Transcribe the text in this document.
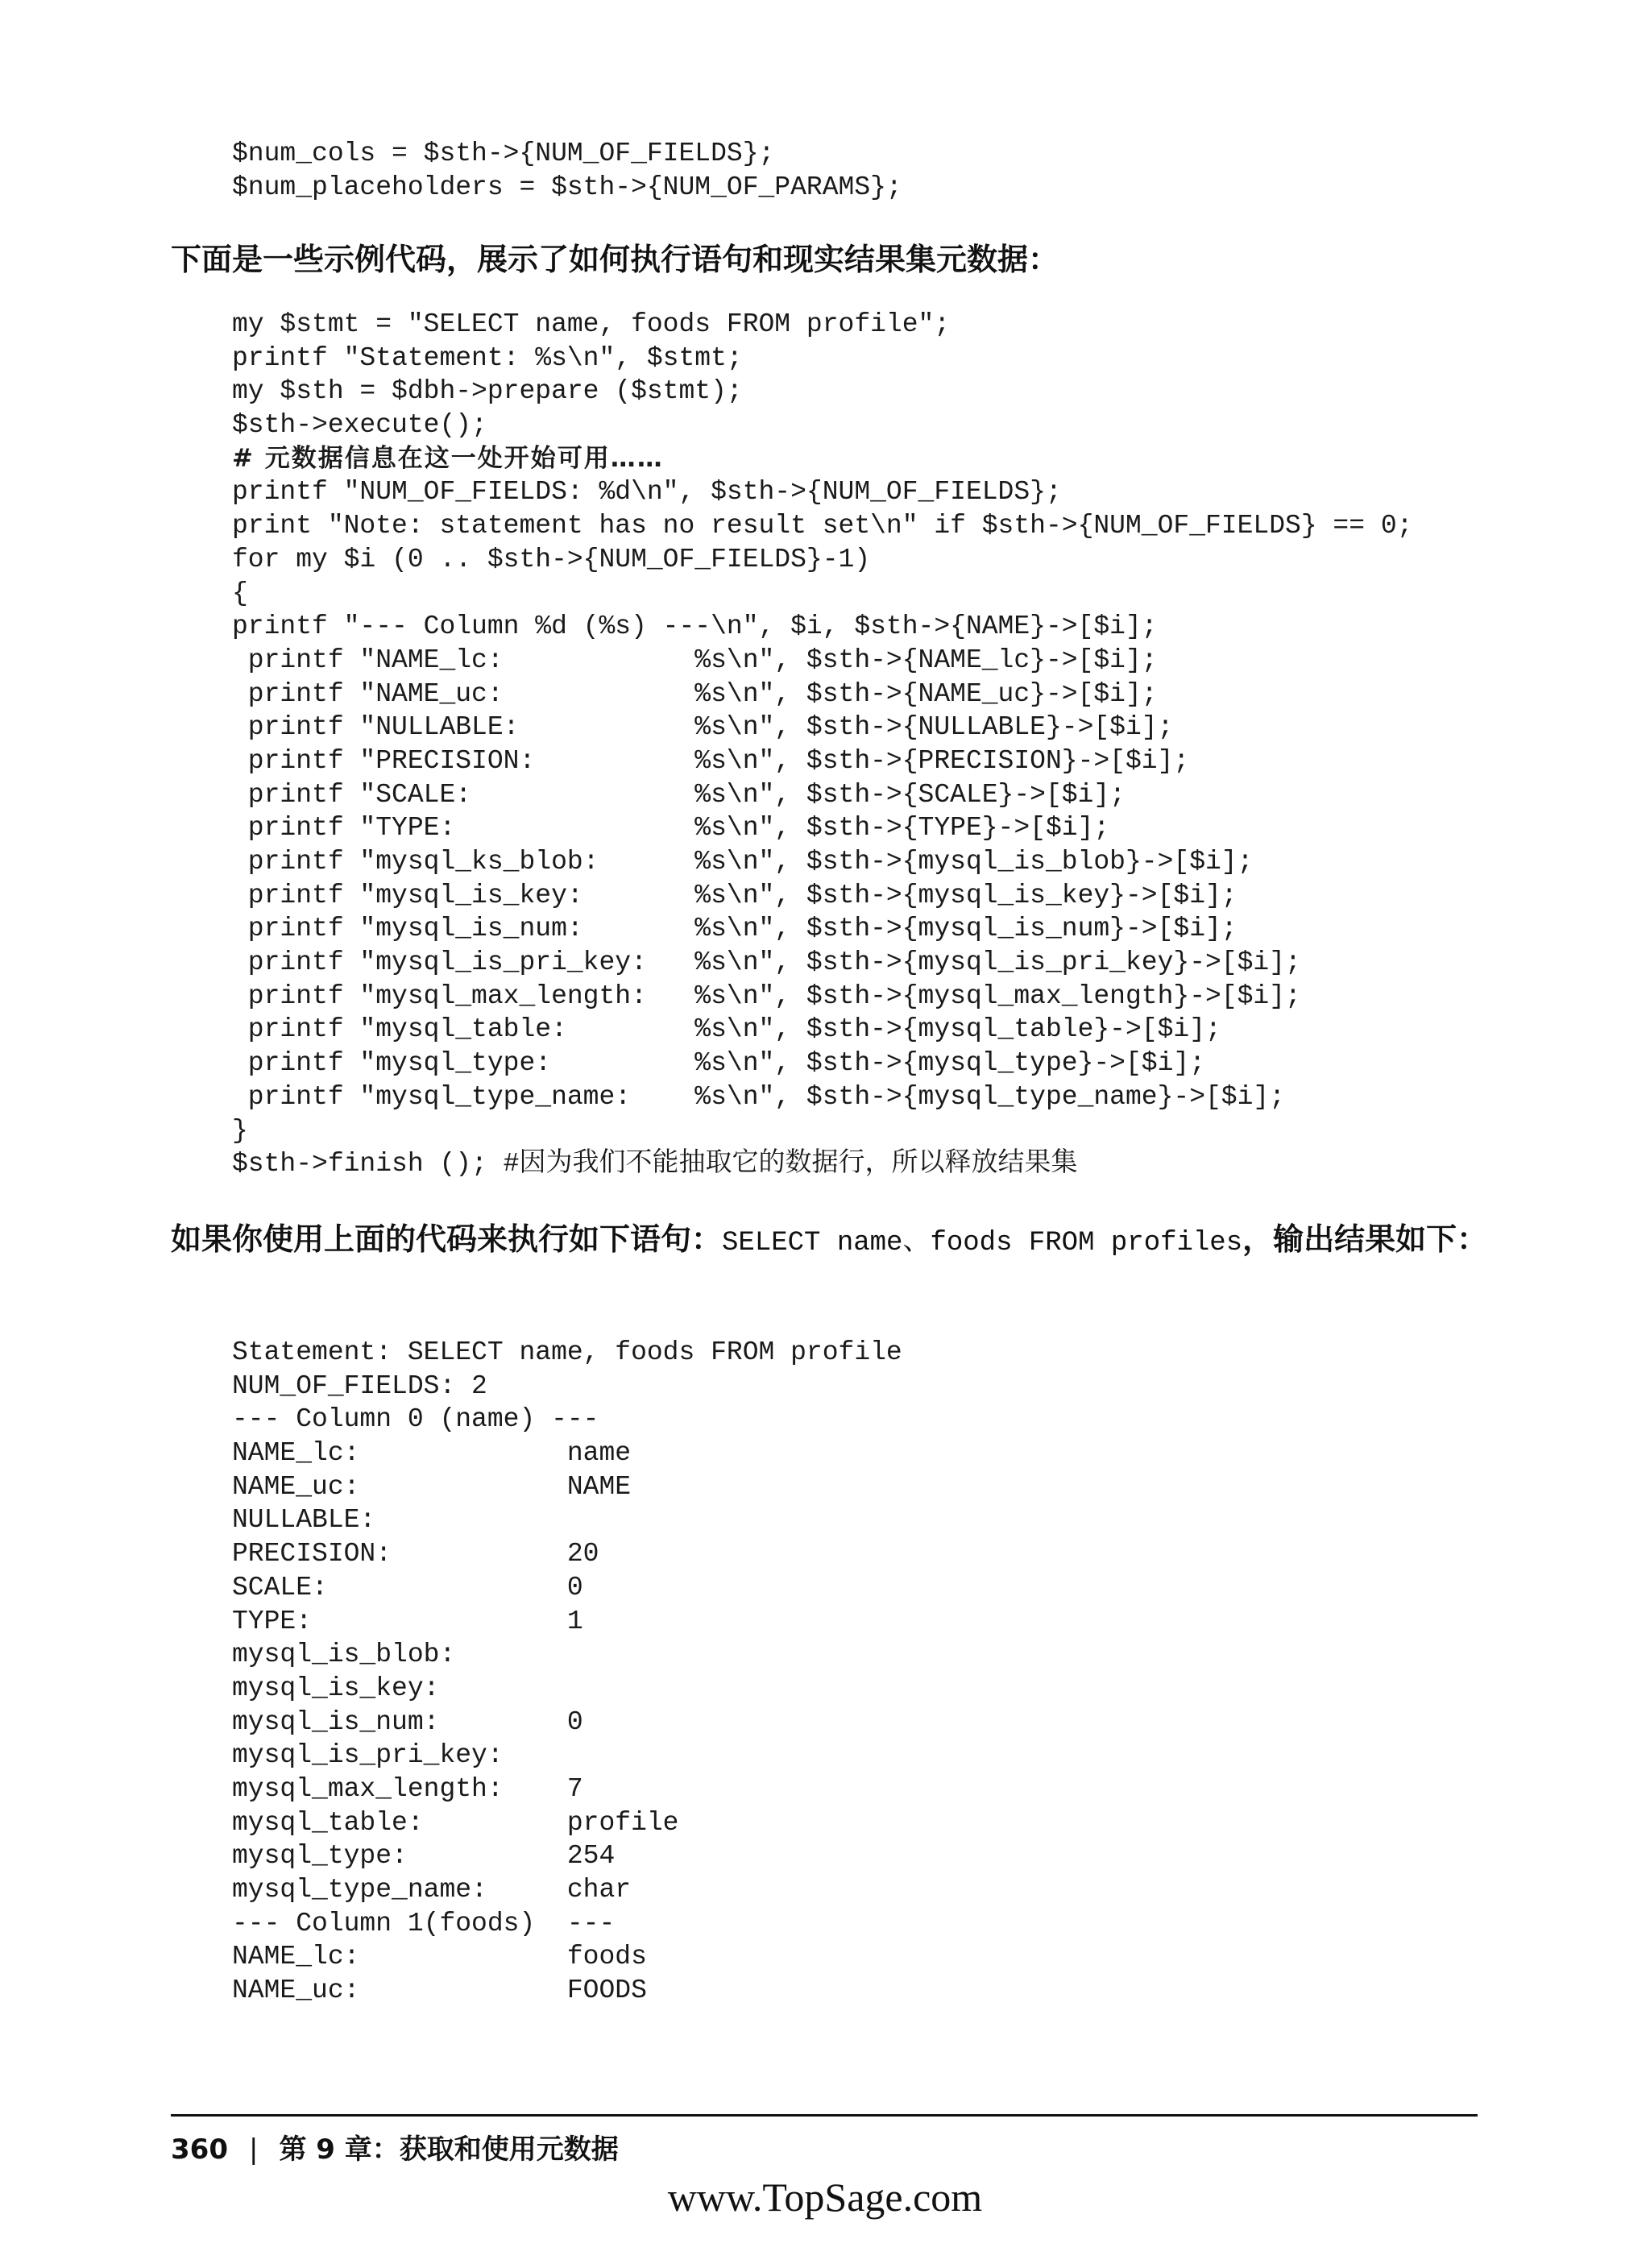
$num_cols = $sth->{NUM_OF_FIELDS};
$num_placeholders = $sth->{NUM_OF_PARAMS};

下面是一些示例代码，展示了如何执行语句和现实结果集元数据：

my $stmt = "SELECT name, foods FROM profile";
printf "Statement: %s\n", $stmt;
my $sth = $dbh->prepare ($stmt);
$sth->execute();
# 元数据信息在这一处开始可用……
printf "NUM_OF_FIELDS: %d\n", $sth->{NUM_OF_FIELDS};
print "Note: statement has no result set\n" if $sth->{NUM_OF_FIELDS} == 0;
for my $i (0 .. $sth->{NUM_OF_FIELDS}-1)
{
printf "--- Column %d (%s) ---\n", $i, $sth->{NAME}->[$i];
printf "NAME_lc:            %s\n", $sth->{NAME_lc}->[$i];
printf "NAME_uc:            %s\n", $sth->{NAME_uc}->[$i];
printf "NULLABLE:           %s\n", $sth->{NULLABLE}->[$i];
printf "PRECISION:          %s\n", $sth->{PRECISION}->[$i];
printf "SCALE:              %s\n", $sth->{SCALE}->[$i];
printf "TYPE:               %s\n", $sth->{TYPE}->[$i];
printf "mysql_ks_blob:      %s\n", $sth->{mysql_is_blob}->[$i];
printf "mysql_is_key:       %s\n", $sth->{mysql_is_key}->[$i];
printf "mysql_is_num:       %s\n", $sth->{mysql_is_num}->[$i];
printf "mysql_is_pri_key:   %s\n", $sth->{mysql_is_pri_key}->[$i];
printf "mysql_max_length:   %s\n", $sth->{mysql_max_length}->[$i];
printf "mysql_table:        %s\n", $sth->{mysql_table}->[$i];
printf "mysql_type:         %s\n", $sth->{mysql_type}->[$i];
printf "mysql_type_name:    %s\n", $sth->{mysql_type_name}->[$i];
}
$sth->finish (); #因为我们不能抽取它的数据行，所以释放结果集

如果你使用上面的代码来执行如下语句：SELECT name、foods FROM profiles，输出结果如下：

Statement: SELECT name, foods FROM profile
NUM_OF_FIELDS: 2
--- Column 0 (name) ---
NAME_lc:             name
NAME_uc:             NAME
NULLABLE:
PRECISION:           20
SCALE:               0
TYPE:                1
mysql_is_blob:
mysql_is_key:
mysql_is_num:        0
mysql_is_pri_key:
mysql_max_length:    7
mysql_table:         profile
mysql_type:          254
mysql_type_name:     char
--- Column 1(foods)  ---
NAME_lc:             foods
NAME_uc:             FOODS
360 | 第 9 章：获取和使用元数据
www.TopSage.com
